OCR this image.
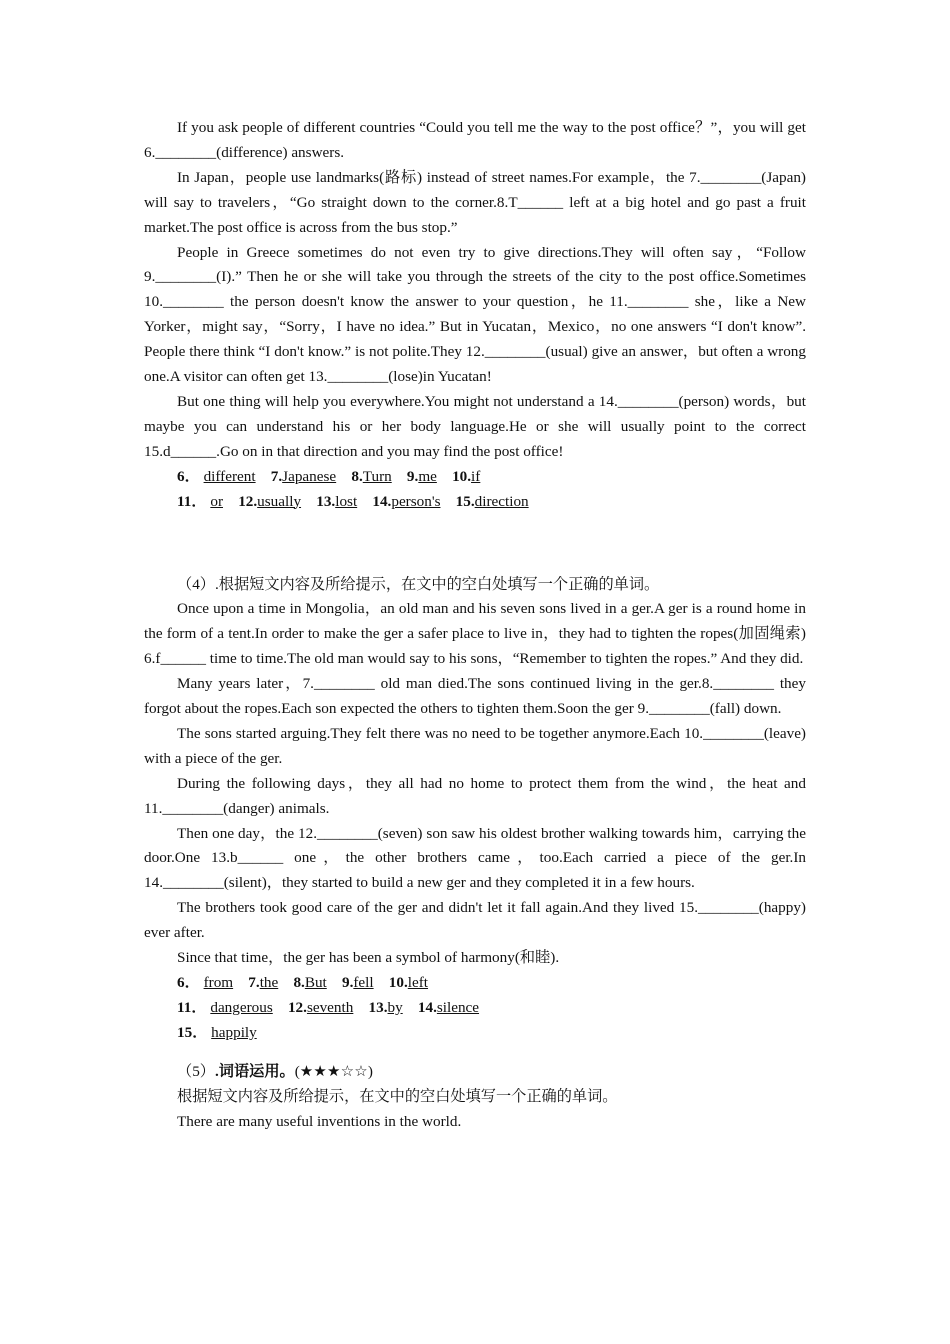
If you ask people of different countries “Could you tell me the way to the post office？”，you will get 6.________(difference) answers.

In Japan，people use landmarks(路标) instead of street names.For example，the 7.________(Japan) will say to travelers，“Go straight down to the corner.8.T______ left at a big hotel and go past a fruit market.The post office is across from the bus stop.”

People in Greece sometimes do not even try to give directions.They will often say，“Follow 9.________(I).” Then he or she will take you through the streets of the city to the post office.Sometimes 10.________ the person doesn't know the answer to your question，he 11.________ she，like a New Yorker，might say，“Sorry，I have no idea.” But in Yucatan，Mexico，no one answers “I don't know”. People there think “I don't know.” is not polite.They 12.________(usual) give an answer，but often a wrong one.A visitor can often get 13.________(lose)in Yucatan!

But one thing will help you everywhere.You might not understand a 14.________(person) words，but maybe you can understand his or her body language.He or she will usually point to the correct 15.d______.Go on in that direction and you may find the post office!

6． different 7.Japanese 8.Turn 9.me 10.if

11． or 12.usually 13.lost 14.person's 15.direction

（4）.根据短文内容及所给提示，在文中的空白处填写一个正确的单词。

Once upon a time in Mongolia，an old man and his seven sons lived in a ger.A ger is a round home in the form of a tent.In order to make the ger a safer place to live in，they had to tighten the ropes(加固绳索) 6.f______ time to time.The old man would say to his sons，“Remember to tighten the ropes.” And they did.

Many years later，7.________ old man died.The sons continued living in the ger.8.________ they forgot about the ropes.Each son expected the others to tighten them.Soon the ger 9.________(fall) down.

The sons started arguing.They felt there was no need to be together anymore.Each 10.________(leave) with a piece of the ger.

During the following days，they all had no home to protect them from the wind，the heat and 11.________(danger) animals.

Then one day，the 12.________(seven) son saw his oldest brother walking towards him，carrying the door.One 13.b______ one，the other brothers came，too.Each carried a piece of the ger.In 14.________(silent)，they started to build a new ger and they completed it in a few hours.

The brothers took good care of the ger and didn't let it fall again.And they lived 15.________(happy) ever after.

Since that time，the ger has been a symbol of harmony(和睦).

6． from 7.the 8.But 9.fell 10.left

11． dangerous 12.seventh 13.by 14.silence

15． happily

（5）.词语运用。(★★★☆☆)

根据短文内容及所给提示，在文中的空白处填写一个正确的单词。

There are many useful inventions in the world.
